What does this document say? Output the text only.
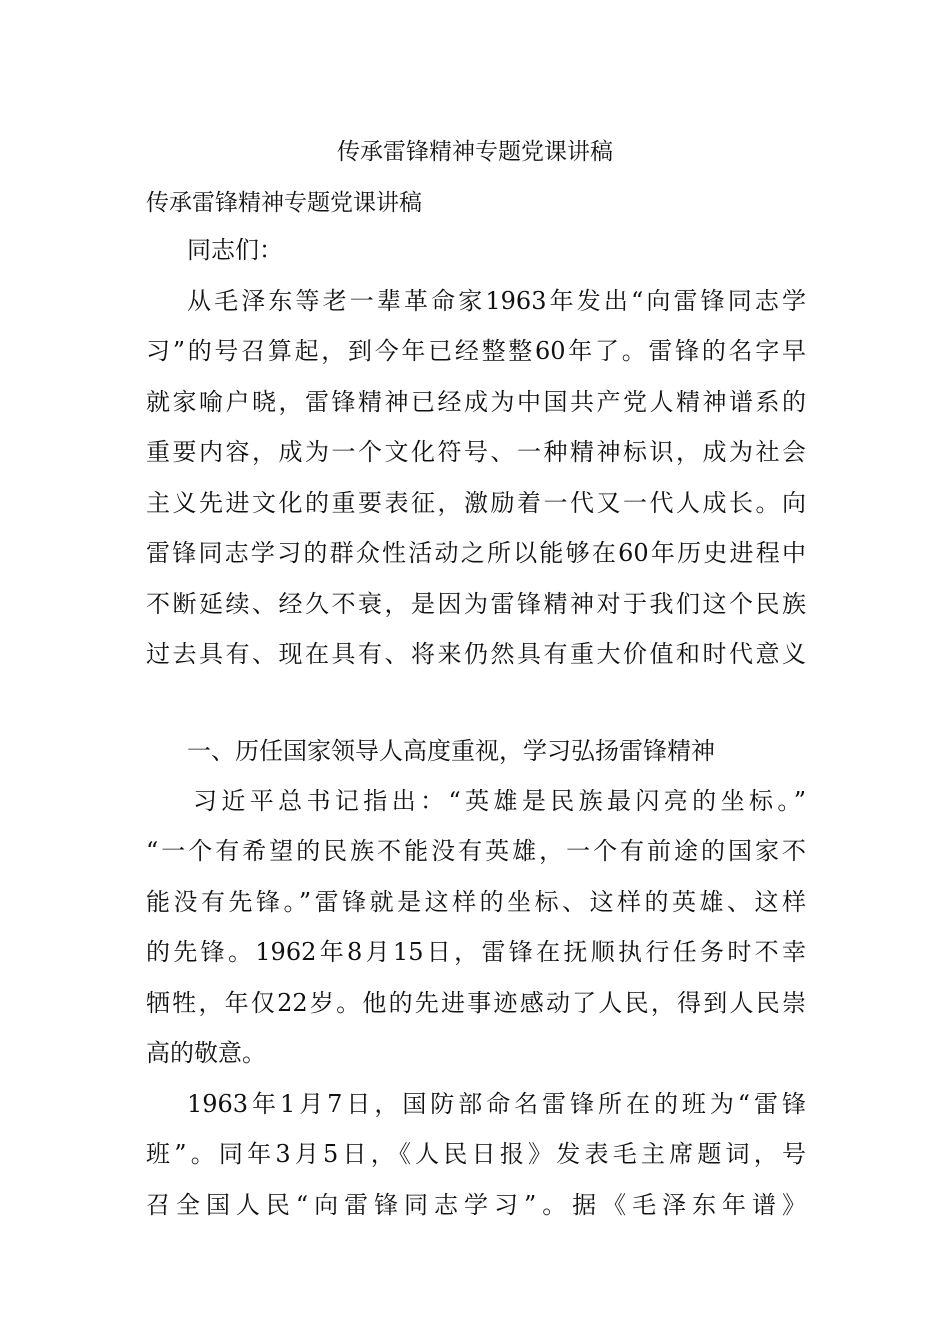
传承雷锋精神专题党课讲稿
传承雷锋精神专题党课讲稿
同志们：
从毛泽东等老一辈革命家1963年发出“向雷锋同志学
习”的号召算起，到今年已经整整60年了。雷锋的名字早
就家喻户晓，雷锋精神已经成为中国共产党人精神谱系的
重要内容，成为一个文化符号、一种精神标识，成为社会
主义先进文化的重要表征，激励着一代又一代人成长。向
雷锋同志学习的群众性活动之所以能够在60年历史进程中
不断延续、经久不衰，是因为雷锋精神对于我们这个民族
过去具有、现在具有、将来仍然具有重大价值和时代意义
一、历任国家领导人高度重视，学习弘扬雷锋精神
习近平总书记指出：“英雄是民族最闪亮的坐标。”
“一个有希望的民族不能没有英雄，一个有前途的国家不
能没有先锋。”雷锋就是这样的坐标、这样的英雄、这样
的先锋。1962年8月15日，雷锋在抚顺执行任务时不幸
牺牲，年仅22岁。他的先进事迹感动了人民，得到人民崇
高的敬意。
1963年1月7日，国防部命名雷锋所在的班为“雷锋
班”。同年3月5日，《人民日报》发表毛主席题词，号
召全国人民“向雷锋同志学习”。据《毛泽东年谱》
